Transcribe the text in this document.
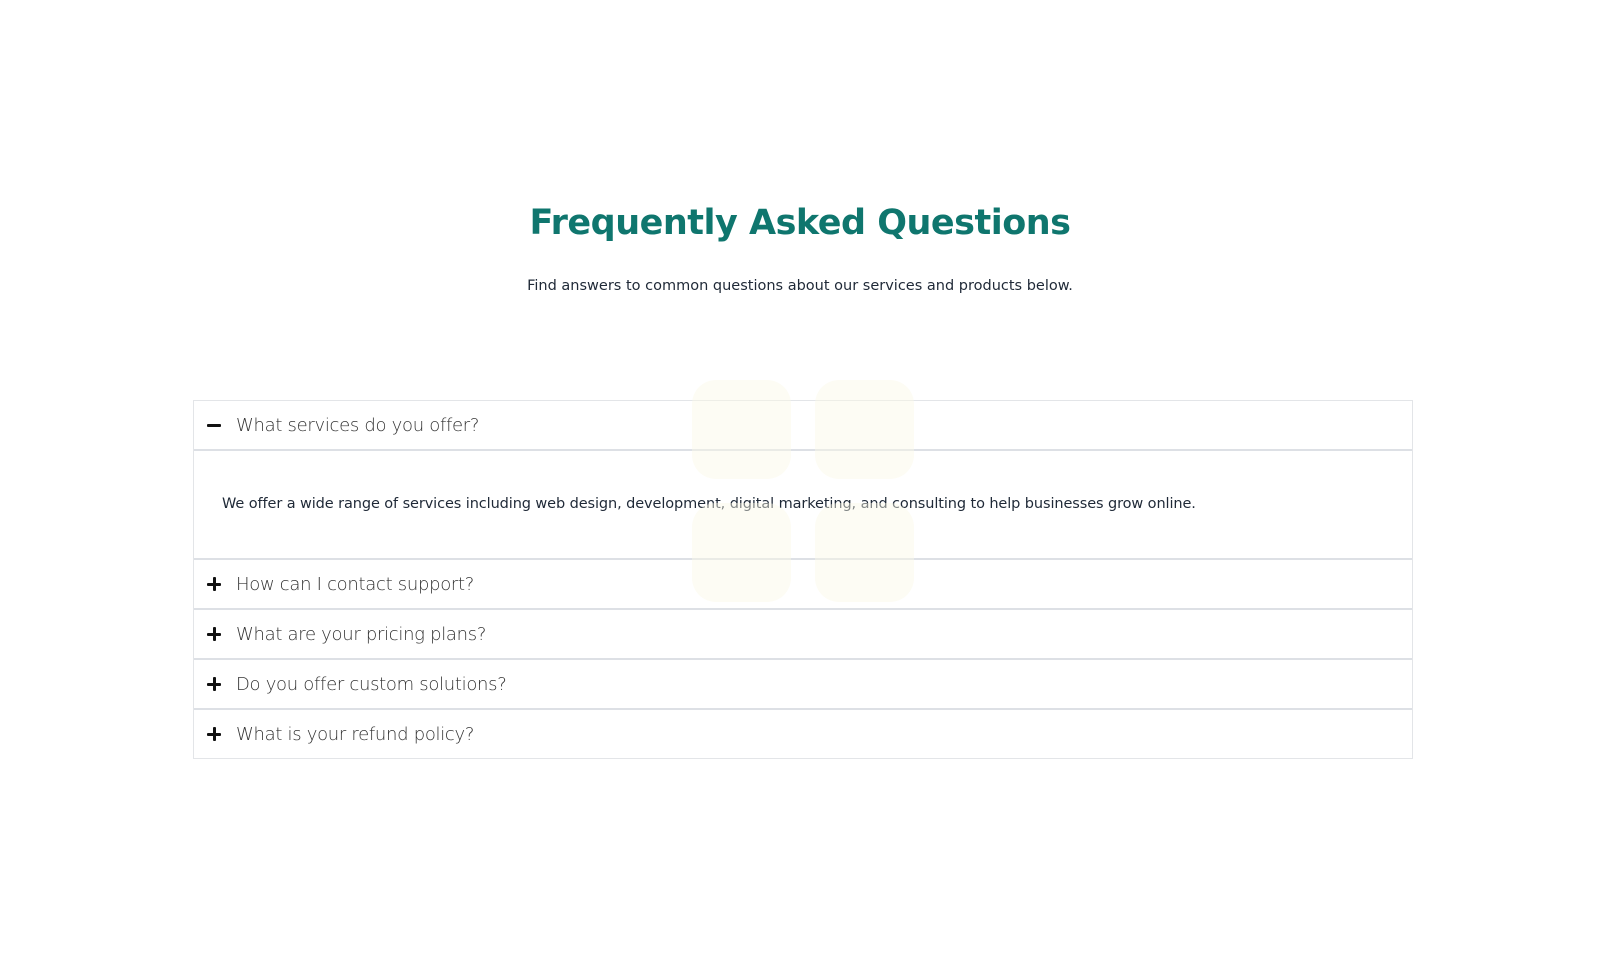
Frequently Asked Questions

Find answers to common questions about our services and products below.

What services do you offer?

We offer a wide range of services including web design, development, digital marketing, and consulting to help businesses grow online.

How can I contact support?
What are your pricing plans?
Do you offer custom solutions?
What is your refund policy?
